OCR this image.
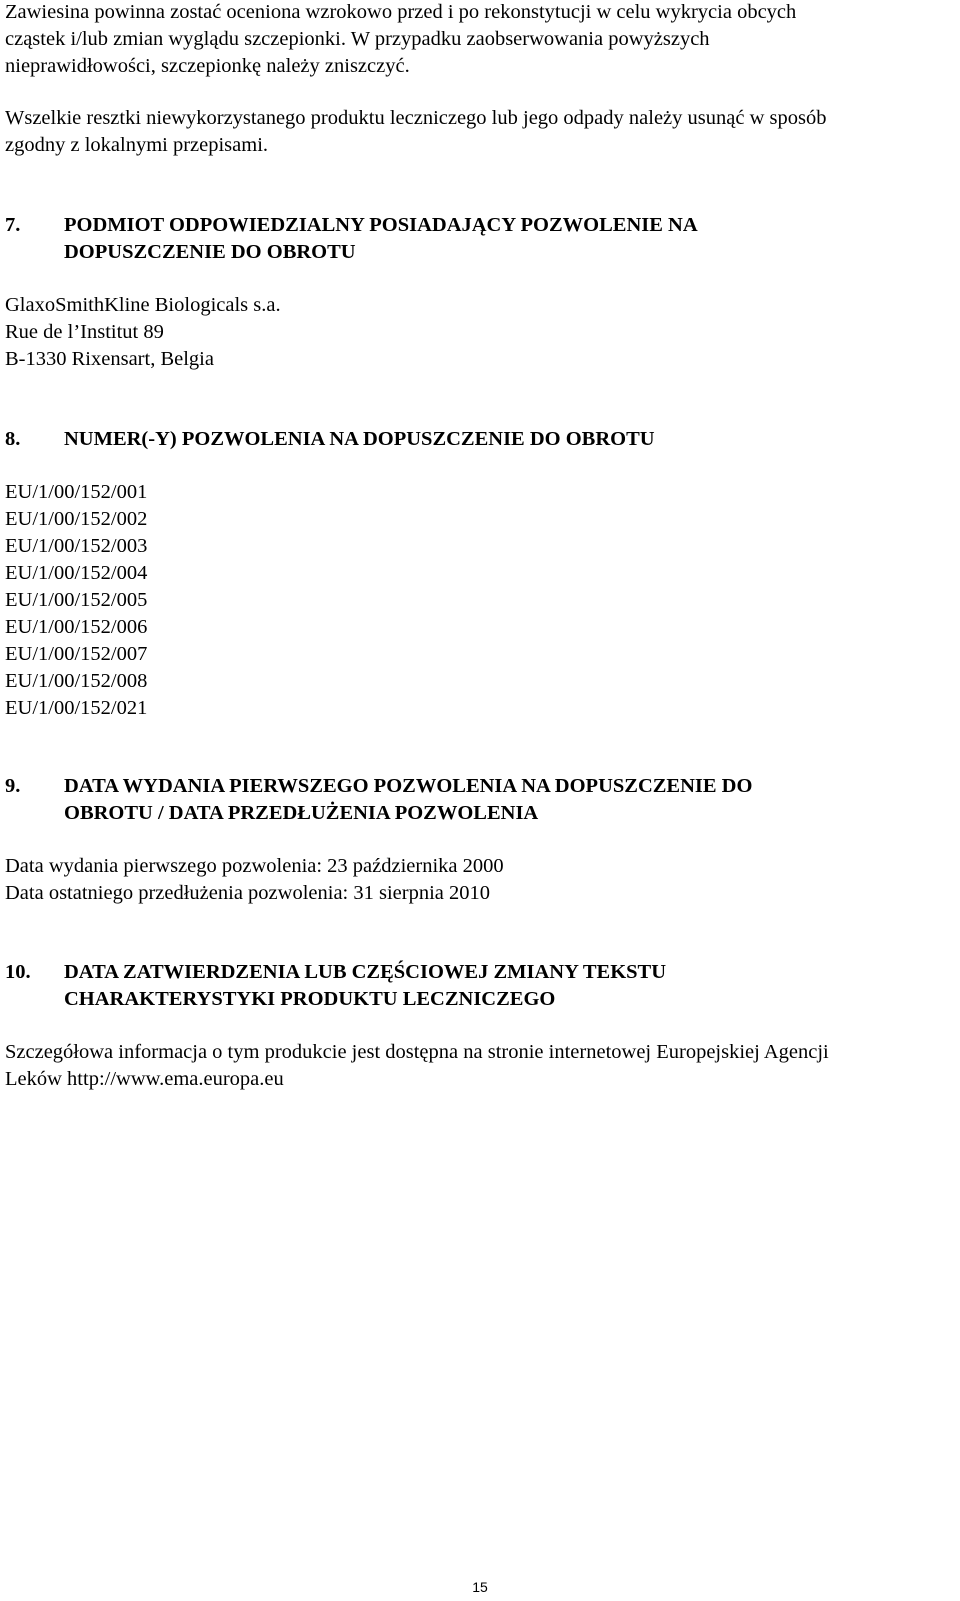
Zawiesina powinna zostać oceniona wzrokowo przed i po rekonstytucji w celu wykrycia obcych
cząstek i/lub zmian wyglądu szczepionki. W przypadku zaobserwowania powyższych
nieprawidłowości, szczepionkę należy zniszczyć.

Wszelkie resztki niewykorzystanego produktu leczniczego lub jego odpady należy usunąć w sposób
zgodny z lokalnymi przepisami.

7. PODMIOT ODPOWIEDZIALNY POSIADAJĄCY POZWOLENIE NA
DOPUSZCZENIE DO OBROTU
GlaxoSmithKline Biologicals s.a.
Rue de l’Institut 89
B-1330 Rixensart, Belgia
8. NUMER(-Y) POZWOLENIA NA DOPUSZCZENIE DO OBROTU
EU/1/00/152/001
EU/1/00/152/002
EU/1/00/152/003
EU/1/00/152/004
EU/1/00/152/005
EU/1/00/152/006
EU/1/00/152/007
EU/1/00/152/008
EU/1/00/152/021
9. DATA WYDANIA PIERWSZEGO POZWOLENIA NA DOPUSZCZENIE DO
OBROTU / DATA PRZEDŁUŻENIA POZWOLENIA
Data wydania pierwszego pozwolenia: 23 października 2000
Data ostatniego przedłużenia pozwolenia: 31 sierpnia 2010
10. DATA ZATWIERDZENIA LUB CZĘŚCIOWEJ ZMIANY TEKSTU
CHARAKTERYSTYKI PRODUKTU LECZNICZEGO

Szczegółowa informacja o tym produkcie jest dostępna na stronie internetowej Europejskiej Agencji
Leków http://www.ema.europa.eu

15
